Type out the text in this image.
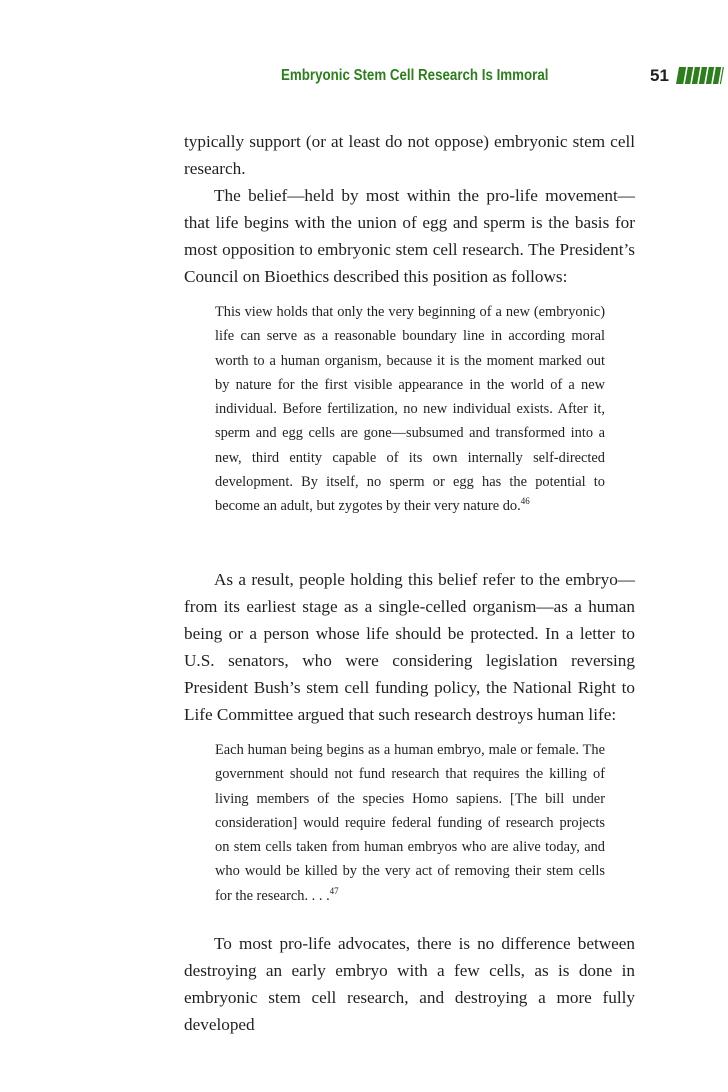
Embryonic Stem Cell Research Is Immoral	51

typically support (or at least do not oppose) embryonic stem cell research.

The belief—held by most within the pro-life movement—that life begins with the union of egg and sperm is the basis for most opposition to embryonic stem cell research. The President’s Council on Bioethics described this position as follows:

This view holds that only the very beginning of a new (embryonic) life can serve as a reasonable boundary line in according moral worth to a human organism, because it is the moment marked out by nature for the first visible appearance in the world of a new individual. Before fertilization, no new individual exists. After it, sperm and egg cells are gone—subsumed and transformed into a new, third entity capable of its own internally self-directed development. By itself, no sperm or egg has the potential to become an adult, but zygotes by their very nature do.$^{46}$

As a result, people holding this belief refer to the embryo—from its earliest stage as a single-celled organism—as a human being or a person whose life should be protected. In a letter to U.S. senators, who were considering legislation reversing President Bush’s stem cell funding policy, the National Right to Life Committee argued that such research destroys human life:

Each human being begins as a human embryo, male or female. The government should not fund research that requires the killing of living members of the species Homo sapiens. [The bill under consideration] would require federal funding of research projects on stem cells taken from human embryos who are alive today, and who would be killed by the very act of removing their stem cells for the research. . . .$^{47}$

To most pro-life advocates, there is no difference between destroying an early embryo with a few cells, as is done in embryonic stem cell research, and destroying a more fully developed
